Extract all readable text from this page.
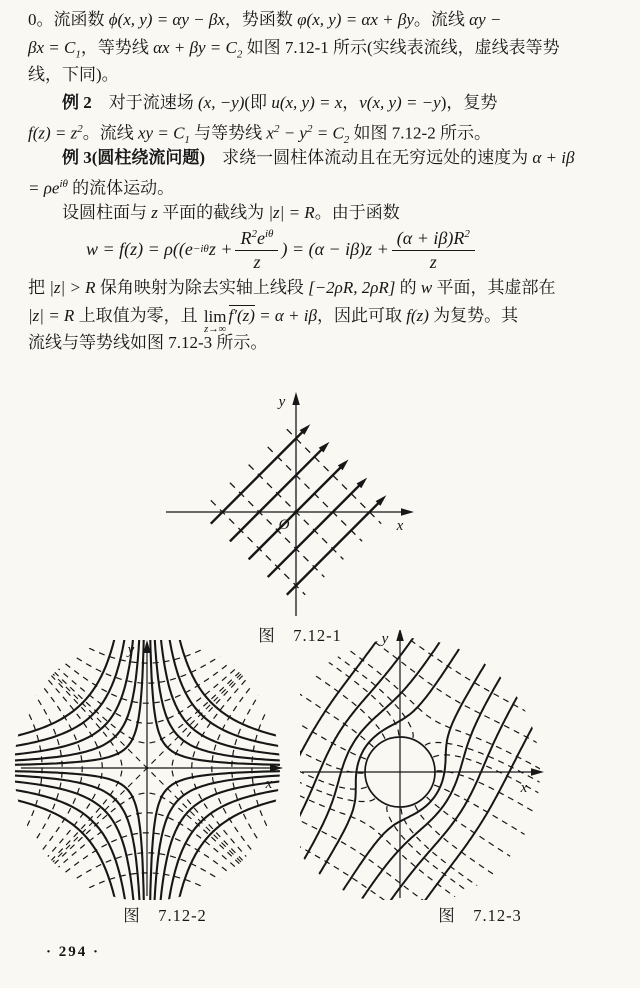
0。流函数 ϕ(x, y) = αy − βx，势函数 φ(x, y) = αx + βy。流线 αy −
$\beta x = C_1$，等势线 $\alpha x + \beta y = C_2$ 如图 7.12-1 所示(实线表流线，虚线表等势
线，下同)。
例 2　对于流速场 (x, −y)(即 u(x, y) = x，v(x, y) = −y)，复势
$f(z) = z^2$。流线 xy = $C_1$ 与等势线 $x^2 - y^2 = C_2$ 如图 7.12-2 所示。
例 3(圆柱绕流问题)　求绕一圆柱体流动且在无穷远处的速度为 α + iβ
= $\rho e^{i\theta}$ 的流体运动。
设圆柱面与 z 平面的截线为 |z| = R。由于函数
w = f(z) = ρ((e −iθ $z + \frac{R^2e^{i\theta}}{z}$ ) = $(\alpha - i\beta)z + \frac{(\alpha + i\beta)R^2}{z}$
把 |z| > R 保角映射为除去实轴上线段 [−2ρR, 2ρR] 的 w 平面，其虚部在
|z| = R 上取值为零，且 lim
z→∞
f′(z) = α + iβ，因此可取 f(z) 为复势。其
流线与等势线如图 7.12-3 所示。
x
y
O
图　7.12-1
x
y
图　7.12-2
x
y
图　7.12-3
· 294 ·
